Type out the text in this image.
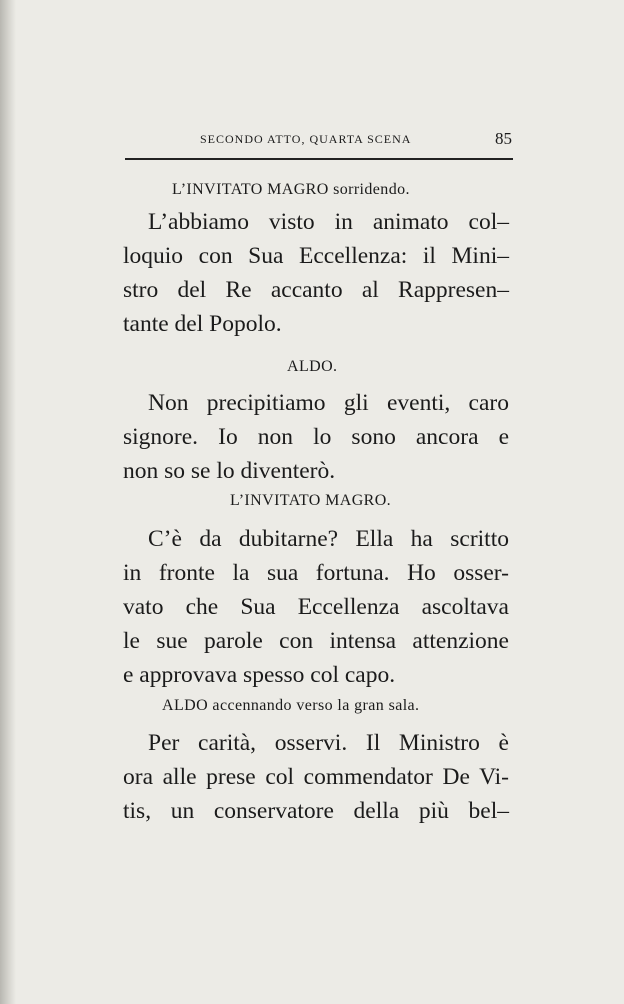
SECONDO ATTO, QUARTA SCENA	85
L’INVITATO MAGRO sorridendo.
L’abbiamo visto in animato col–
loquio con Sua Eccellenza: il Mini–
stro del Re accanto al Rappresen–
tante del Popolo.
ALDO.
Non precipitiamo gli eventi, caro
signore. Io non lo sono ancora e
non so se lo diventerò.
L’INVITATO MAGRO.
C’è da dubitarne? Ella ha scritto
in fronte la sua fortuna. Ho osser-
vato che Sua Eccellenza ascoltava
le sue parole con intensa attenzione
e approvava spesso col capo.
ALDO accennando verso la gran sala.
Per carità, osservi. Il Ministro è
ora alle prese col commendator De Vi-
tis, un conservatore della più bel–
